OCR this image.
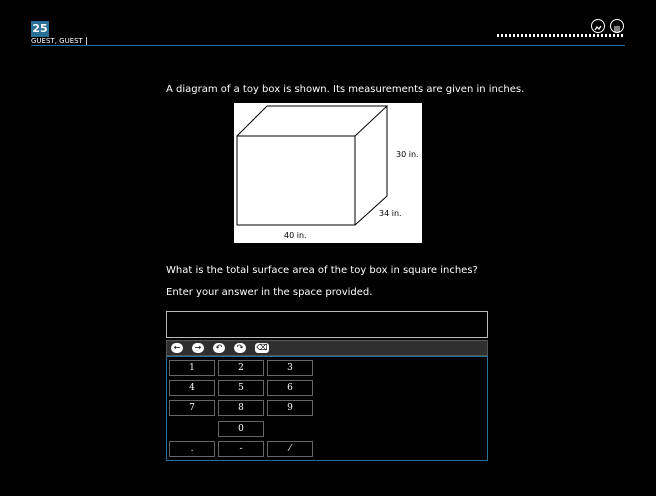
25
GUEST, GUEST
A diagram of a toy box is shown. Its measurements are given in inches.
30 in.
34 in.
40 in.
What is the total surface area of the toy box in square inches?
Enter your answer in the space provided.
←	→	↶	↷	⌫
1	2	3
4	5	6
7	8	9
0
.	-	⁄
